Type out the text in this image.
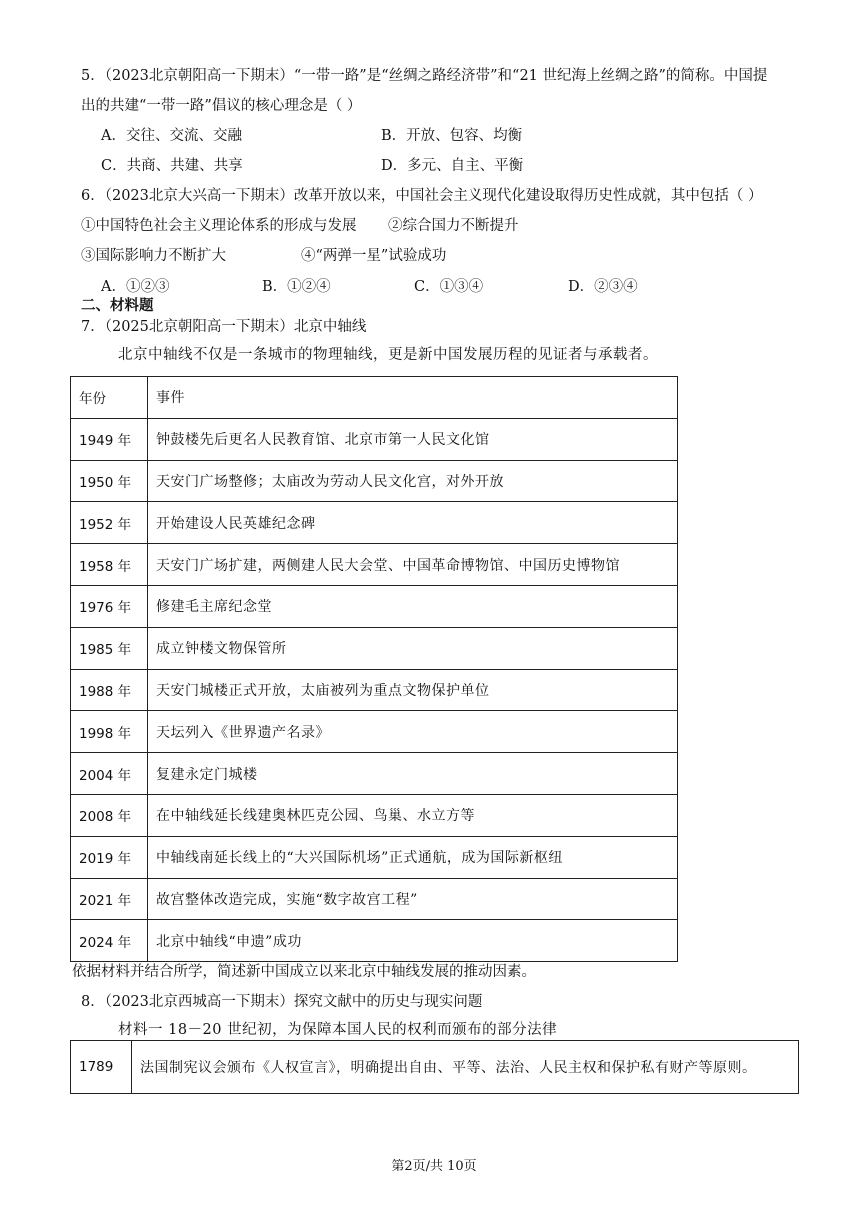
5．（2023北京朝阳高一下期末）“一带一路”是“丝绸之路经济带”和“21 世纪海上丝绸之路”的简称。中国提
出的共建“一带一路”倡议的核心理念是（ ）
A．交往、交流、交融	B．开放、包容、均衡
C．共商、共建、共享	D．多元、自主、平衡
6．（2023北京大兴高一下期末）改革开放以来，中国社会主义现代化建设取得历史性成就，其中包括（ ）
①中国特色社会主义理论体系的形成与发展 ②综合国力不断提升
③国际影响力不断扩大	④“两弹一星”试验成功
A．①②③	B．①②④	C．①③④	D．②③④
二、材料题
7．（2025北京朝阳高一下期末）北京中轴线
北京中轴线不仅是一条城市的物理轴线，更是新中国发展历程的见证者与承载者。
年份	事件
1949 年	钟鼓楼先后更名人民教育馆、北京市第一人民文化馆
1950 年	天安门广场整修；太庙改为劳动人民文化宫，对外开放
1952 年	开始建设人民英雄纪念碑
1958 年	天安门广场扩建，两侧建人民大会堂、中国革命博物馆、中国历史博物馆
1976 年	修建毛主席纪念堂
1985 年	成立钟楼文物保管所
1988 年	天安门城楼正式开放，太庙被列为重点文物保护单位
1998 年	天坛列入《世界遗产名录》
2004 年	复建永定门城楼
2008 年	在中轴线延长线建奥林匹克公园、鸟巢、水立方等
2019 年	中轴线南延长线上的“大兴国际机场”正式通航，成为国际新枢纽
2021 年	故宫整体改造完成，实施“数字故宫工程”
2024 年	北京中轴线“申遗”成功
依据材料并结合所学，简述新中国成立以来北京中轴线发展的推动因素。
8．（2023北京西城高一下期末）探究文献中的历史与现实问题
材料一 18－20 世纪初，为保障本国人民的权利而颁布的部分法律
1789	法国制宪议会颁布《人权宣言》，明确提出自由、平等、法治、人民主权和保护私有财产等原则。
第2页/共 10页
